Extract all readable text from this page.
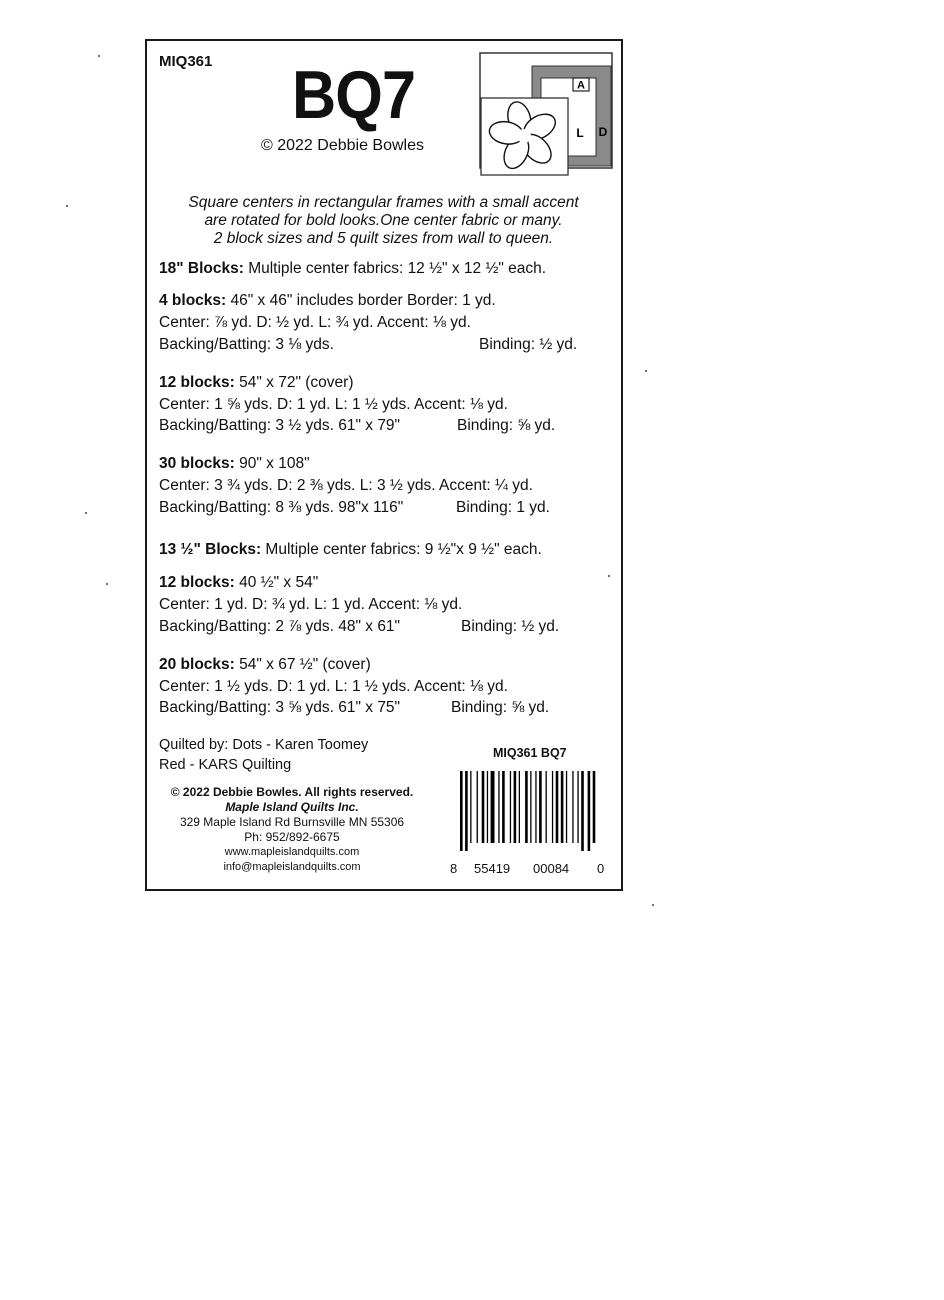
MIQ361 BQ7
© 2022 Debbie Bowles
A
L D
Square centers in rectangular frames with a small accent
are rotated for bold looks.One center fabric or many.
2 block sizes and 5 quilt sizes from wall to queen.
18" Blocks: Multiple center fabrics: 12 ½" x 12 ½" each.
4 blocks: 46" x 46" includes border Border: 1 yd.
Center: ⅞ yd. D: ½ yd. L: ¾ yd. Accent: ⅛ yd.
Backing/Batting: 3 ⅛ yds.	Binding: ½ yd.
12 blocks: 54" x 72" (cover)
Center: 1 ⅝ yds. D: 1 yd. L: 1 ½ yds. Accent: ⅛ yd.
Backing/Batting: 3 ½ yds. 61" x 79"	Binding: ⅝ yd.
30 blocks: 90" x 108"
Center: 3 ¾ yds. D: 2 ⅜ yds. L: 3 ½ yds. Accent: ¼ yd.
Backing/Batting: 8 ⅜ yds. 98"x 116"	Binding: 1 yd.
13 ½" Blocks: Multiple center fabrics: 9 ½"x 9 ½" each.
12 blocks: 40 ½" x 54"
Center: 1 yd. D: ¾ yd. L: 1 yd. Accent: ⅛ yd.
Backing/Batting: 2 ⅞ yds. 48" x 61"	Binding: ½ yd.
20 blocks: 54" x 67 ½" (cover)
Center: 1 ½ yds. D: 1 yd. L: 1 ½ yds. Accent: ⅛ yd.
Backing/Batting: 3 ⅝ yds. 61" x 75"	Binding: ⅝ yd.
Quilted by: Dots - Karen Toomey
Red - KARS Quilting
MIQ361 BQ7
8 55419 00084 0
© 2022 Debbie Bowles. All rights reserved.
Maple Island Quilts Inc.
329 Maple Island Rd Burnsville MN 55306
Ph: 952/892-6675
www.mapleislandquilts.com
info@mapleislandquilts.com
